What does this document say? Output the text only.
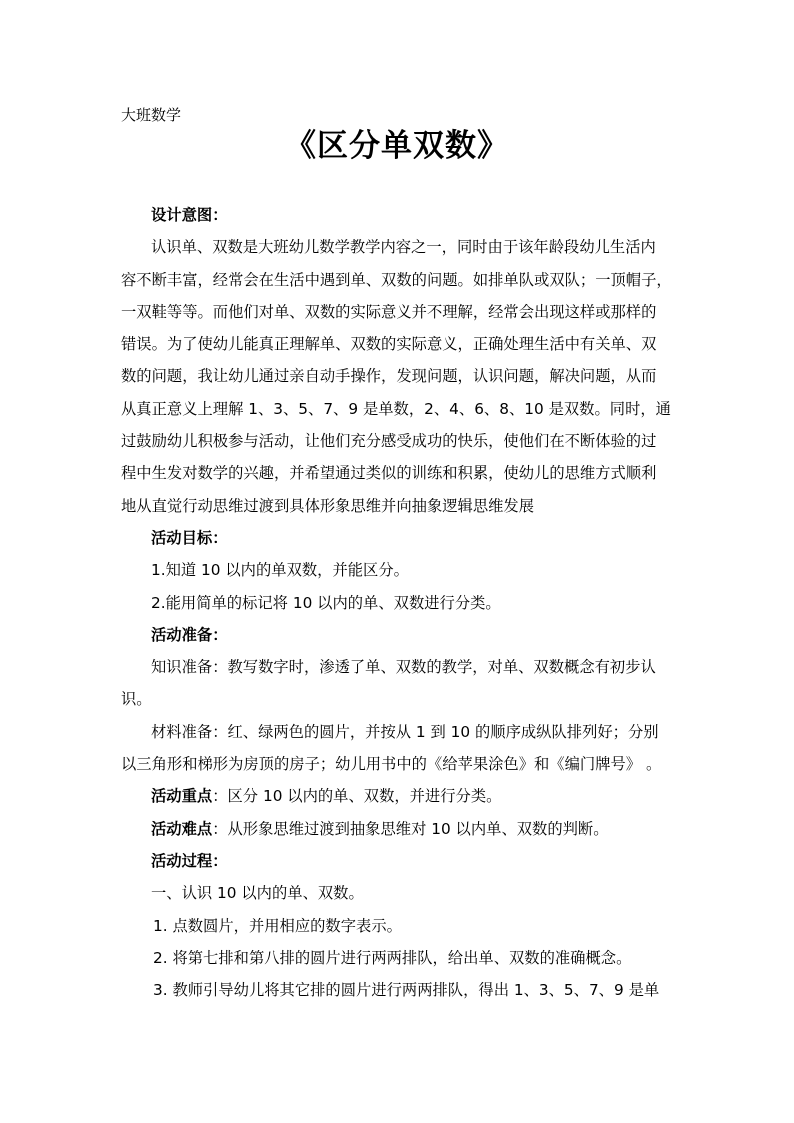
大班数学
《区分单双数》
设计意图：
认识单、双数是大班幼儿数学教学内容之一，同时由于该年龄段幼儿生活内
容不断丰富，经常会在生活中遇到单、双数的问题。如排单队或双队；一顶帽子，
一双鞋等等。而他们对单、双数的实际意义并不理解，经常会出现这样或那样的
错误。为了使幼儿能真正理解单、双数的实际意义，正确处理生活中有关单、双
数的问题，我让幼儿通过亲自动手操作，发现问题，认识问题，解决问题，从而
从真正意义上理解 1、3、5、7、9 是单数，2、4、6、8、10 是双数。同时，通
过鼓励幼儿积极参与活动，让他们充分感受成功的快乐，使他们在不断体验的过
程中生发对数学的兴趣，并希望通过类似的训练和积累，使幼儿的思维方式顺利
地从直觉行动思维过渡到具体形象思维并向抽象逻辑思维发展
活动目标：
1.知道 10 以内的单双数，并能区分。
2.能用简单的标记将 10 以内的单、双数进行分类。
活动准备：
知识准备：教写数字时，渗透了单、双数的教学，对单、双数概念有初步认
识。
材料准备：红、绿两色的圆片，并按从 1 到 10 的顺序成纵队排列好；分别
以三角形和梯形为房顶的房子；幼儿用书中的《给苹果涂色》和《编门牌号》 。
活动重点：区分 10 以内的单、双数，并进行分类。
活动难点：从形象思维过渡到抽象思维对 10 以内单、双数的判断。
活动过程：
一、认识 10 以内的单、双数。
1. 点数圆片，并用相应的数字表示。
2. 将第七排和第八排的圆片进行两两排队，给出单、双数的准确概念。
3. 教师引导幼儿将其它排的圆片进行两两排队，得出 1、3、5、7、9 是单
